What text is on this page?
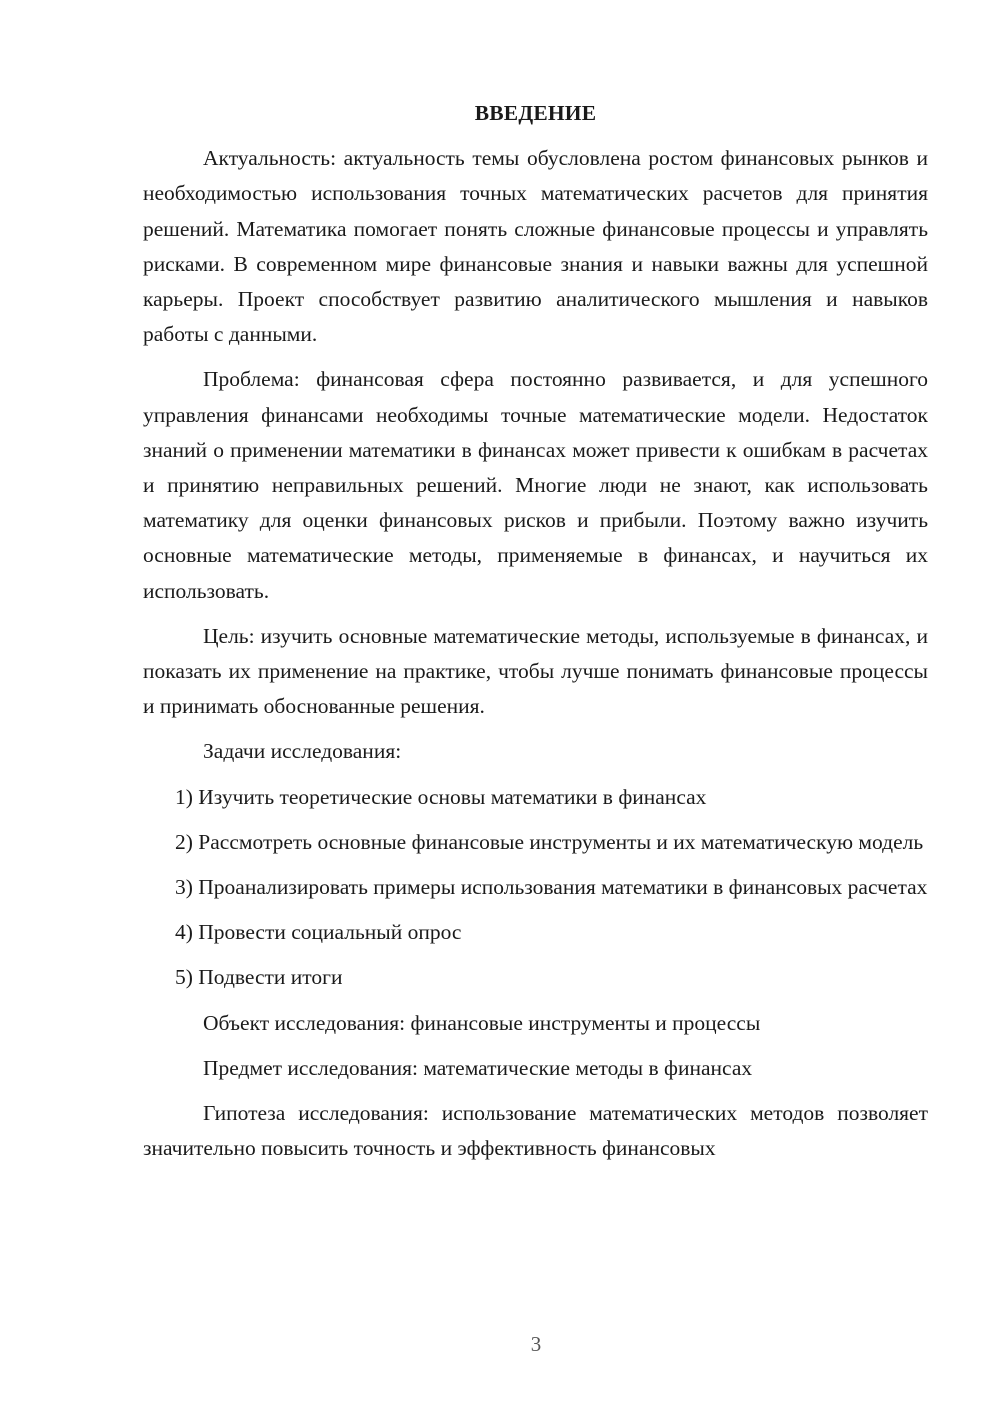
ВВЕДЕНИЕ

Актуальность: актуальность темы обусловлена ростом финансовых рынков и необходимостью использования точных математических расчетов для принятия решений. Математика помогает понять сложные финансовые процессы и управлять рисками. В современном мире финансовые знания и навыки важны для успешной карьеры. Проект способствует развитию аналитического мышления и навыков работы с данными.

Проблема: финансовая сфера постоянно развивается, и для успешного управления финансами необходимы точные математические модели. Недостаток знаний о применении математики в финансах может привести к ошибкам в расчетах и принятию неправильных решений. Многие люди не знают, как использовать математику для оценки финансовых рисков и прибыли. Поэтому важно изучить основные математические методы, применяемые в финансах, и научиться их использовать.

Цель: изучить основные математические методы, используемые в финансах, и показать их применение на практике, чтобы лучше понимать финансовые процессы и принимать обоснованные решения.

Задачи исследования:

1) Изучить теоретические основы математики в финансах

2) Рассмотреть основные финансовые инструменты и их математическую модель

3) Проанализировать примеры использования математики в финансовых расчетах

4) Провести социальный опрос

5) Подвести итоги

Объект исследования: финансовые инструменты и процессы

Предмет исследования: математические методы в финансах

Гипотеза исследования: использование математических методов позволяет значительно повысить точность и эффективность финансовых

3
